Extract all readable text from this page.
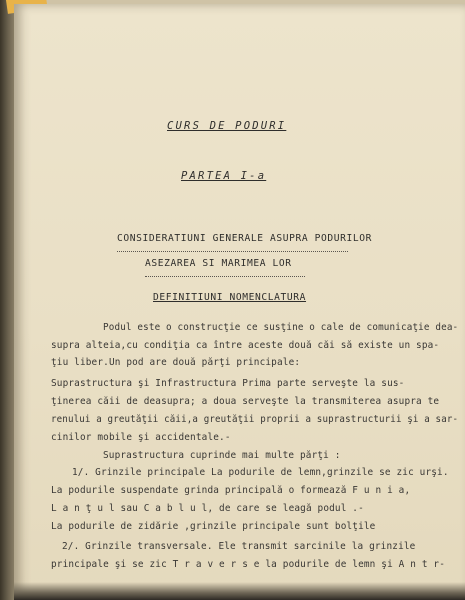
CURS DE PODURI
PARTEA I-a
CONSIDERATIUNI GENERALE ASUPRA PODURILOR
ASEZAREA SI MARIMEA LOR
DEFINITIUNI NOMENCLATURA
Podul este o construcţie ce susţine o cale de comunicaţie dea-
supra alteia,cu condiţia ca între aceste două căi să existe un spa-
ţiu liber.Un pod are două părţi principale:
Suprastructura şi Infrastructura Prima parte serveşte la sus-
ţinerea căii de deasupra; a doua serveşte la transmiterea asupra te
renului a greutăţii căii,a greutăţii proprii a suprastructurii şi a sar-
cinilor mobile şi accidentale.-
Suprastructura cuprinde mai multe părţi :
1/. Grinzile principale La podurile de lemn,grinzile se zic urşi.
La podurile suspendate grinda principală o formează F u n i a,
L a n ţ u l sau C a b l u l, de care se leagă podul .-
La podurile de zidărie ,grinzile principale sunt bolţile
2/. Grinzile transversale. Ele transmit sarcinile la grinzile
principale şi se zic T r a v e r s e la podurile de lemn şi A n t r-
